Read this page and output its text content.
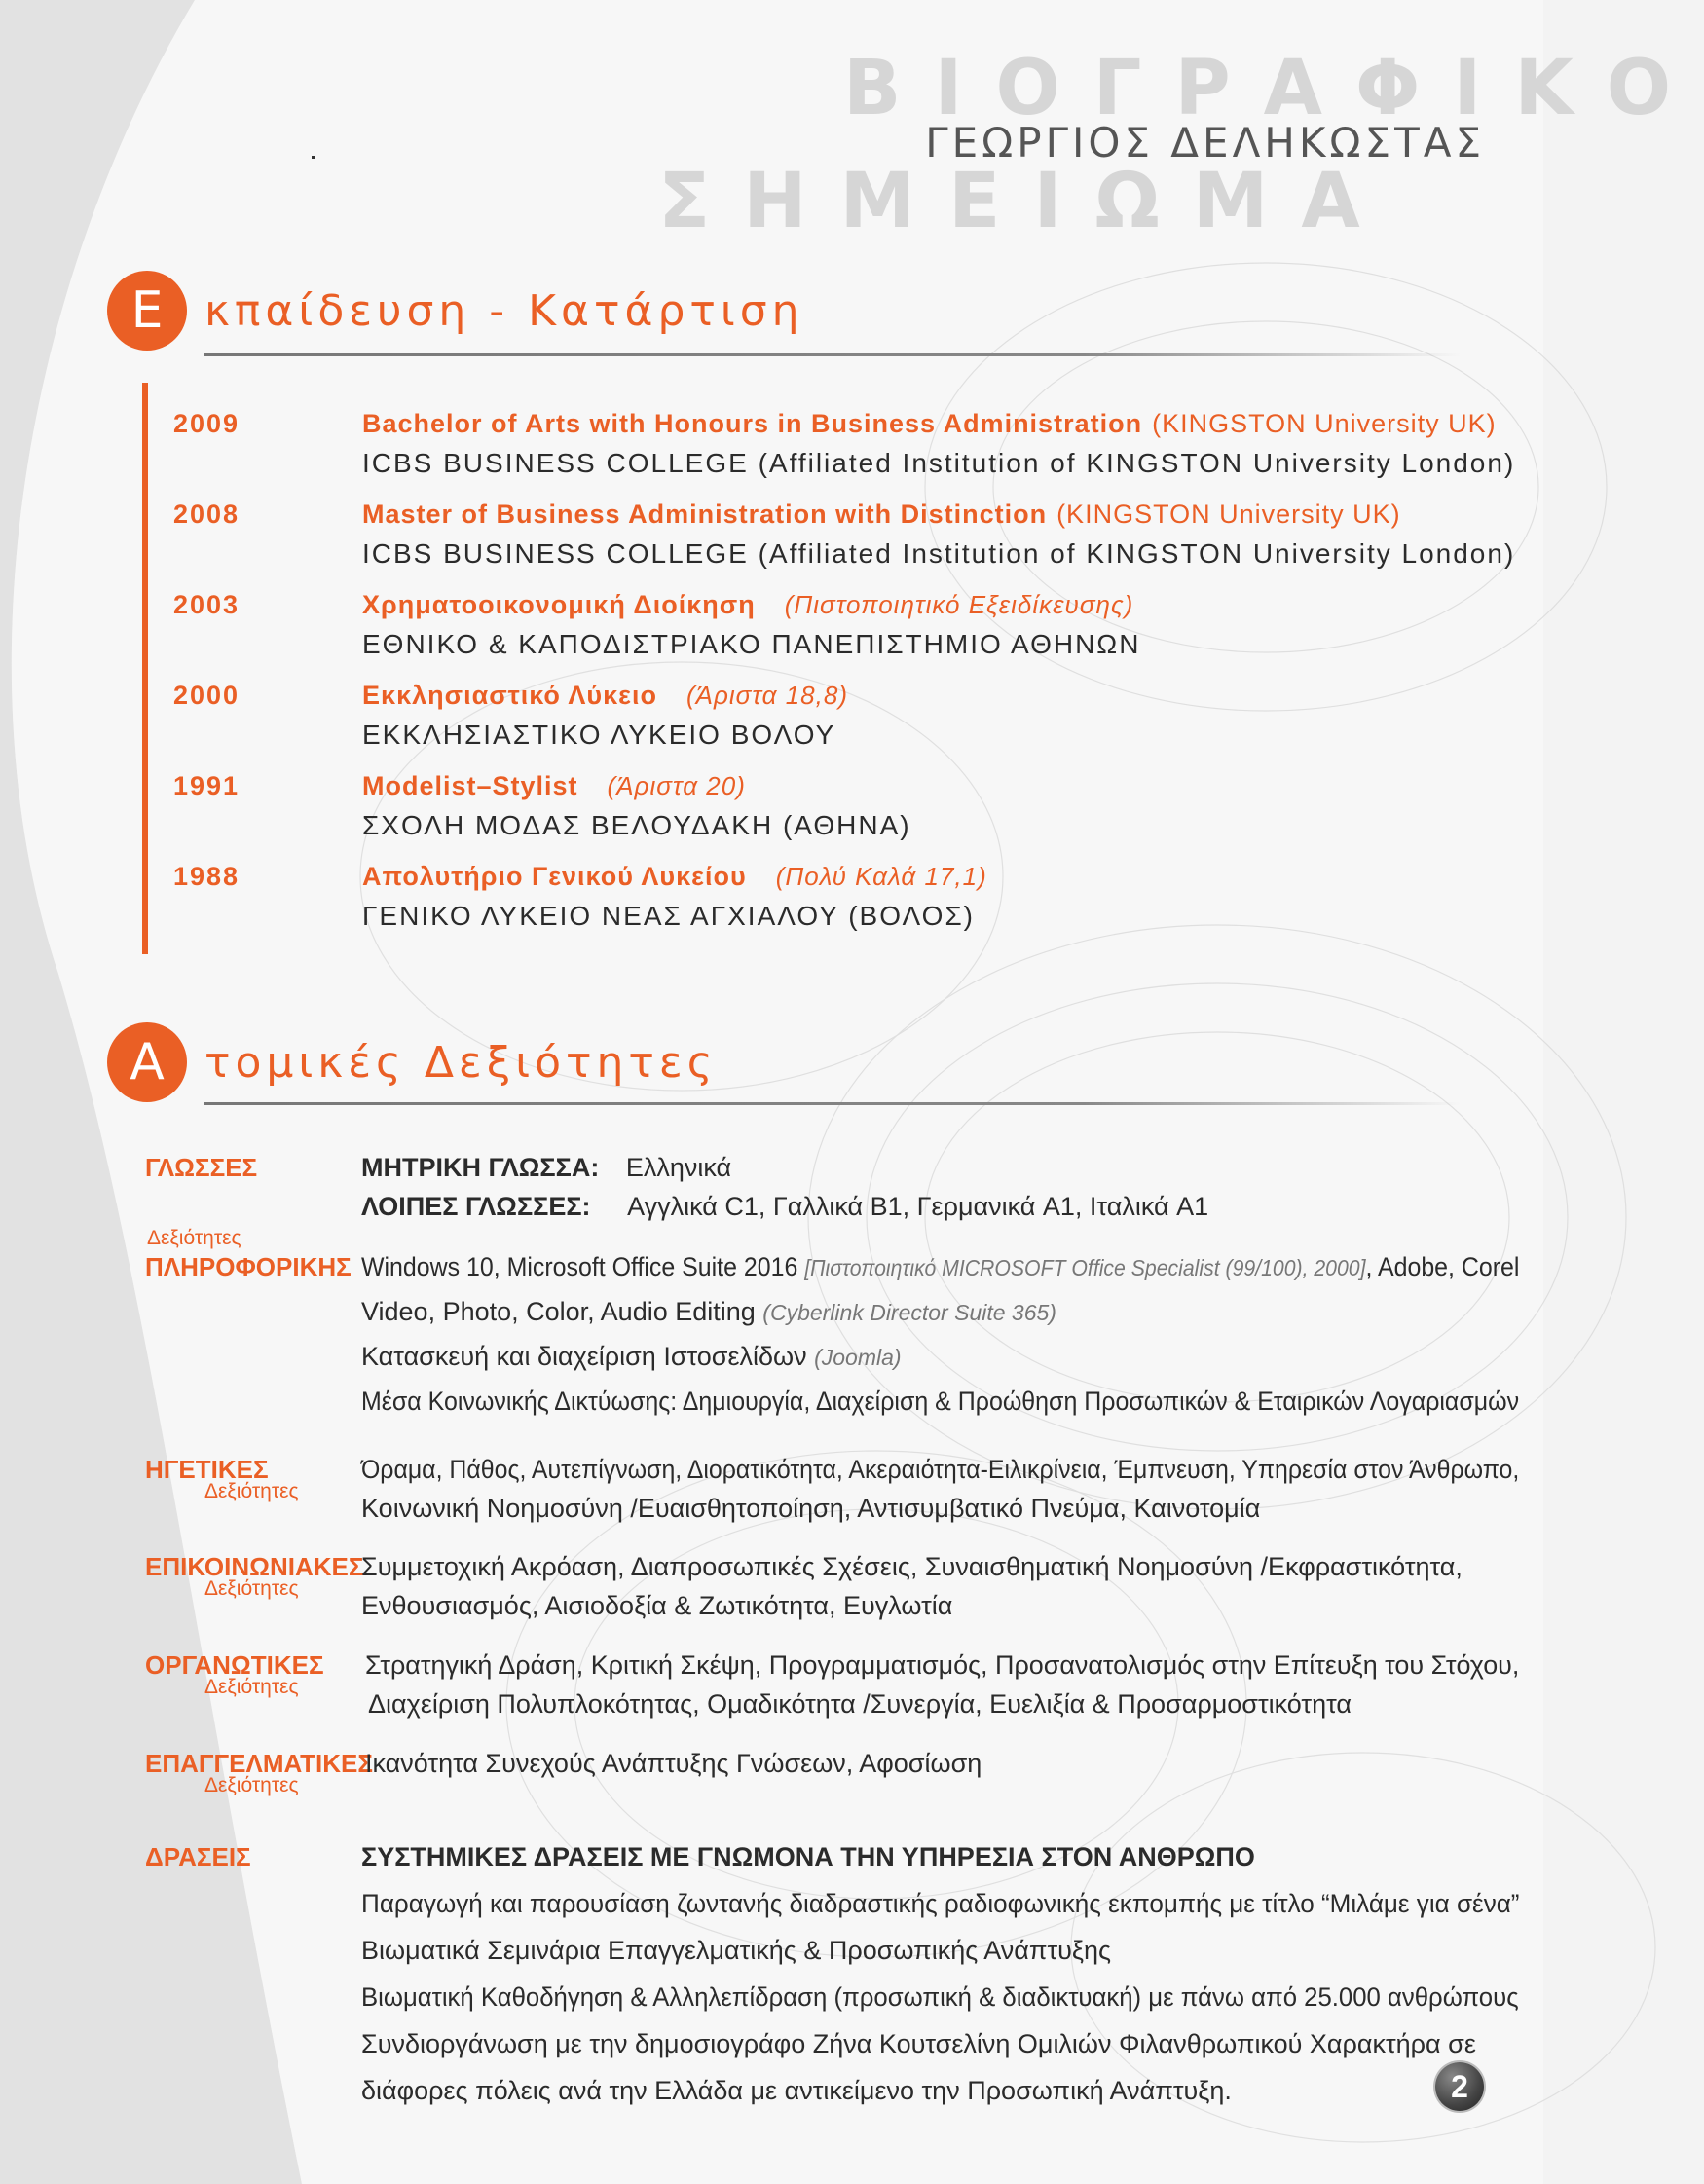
ΒΙΟΓΡΑΦΙΚΟ
ΣΗΜΕΙΩΜΑ
ΓΕΩΡΓΙΟΣ ΔΕΛΗΚΩΣΤΑΣ
Ε κπαίδευση - Κατάρτιση
2009	Bachelor of Arts with Honours in Business Administration (KINGSTON University UK)
ICBS BUSINESS COLLEGE (Affiliated Institution of KINGSTON University London)
2008	Master of Business Administration with Distinction (KINGSTON University UK)
ICBS BUSINESS COLLEGE (Affiliated Institution of KINGSTON University London)
2003	Χρηματοοικονομική Διοίκηση (Πιστοποιητικό Εξειδίκευσης)
ΕΘΝΙΚΟ & ΚΑΠΟΔΙΣΤΡΙΑΚΟ ΠΑΝΕΠΙΣΤΗΜΙΟ ΑΘΗΝΩΝ
2000	Εκκλησιαστικό Λύκειο (Άριστα 18,8)
ΕΚΚΛΗΣΙΑΣΤΙΚΟ ΛΥΚΕΙΟ ΒΟΛΟΥ
1991	Modelist–Stylist (Άριστα 20)
ΣΧΟΛΗ ΜΟΔΑΣ ΒΕΛΟΥΔΑΚΗ (ΑΘΗΝΑ)
1988	Απολυτήριο Γενικού Λυκείου (Πολύ Καλά 17,1)
ΓΕΝΙΚΟ ΛΥΚΕΙΟ ΝΕΑΣ ΑΓΧΙΑΛΟΥ (ΒΟΛΟΣ)
Α τομικές Δεξιότητες
ΓΛΩΣΣΕΣ	ΜΗΤΡΙΚΗ ΓΛΩΣΣΑ: Ελληνικά
ΛΟΙΠΕΣ ΓΛΩΣΣΕΣ: Αγγλικά C1, Γαλλικά B1, Γερμανικά A1, Ιταλικά A1
Δεξιότητες
ΠΛΗΡΟΦΟΡΙΚΗΣ Windows 10, Microsoft Office Suite 2016 [Πιστοποιητικό MICROSOFT Office Specialist (99/100), 2000], Adobe, Corel
Video, Photo, Color, Audio Editing (Cyberlink Director Suite 365)
Κατασκευή και διαχείριση Ιστοσελίδων (Joomla)
Μέσα Κοινωνικής Δικτύωσης: Δημιουργία, Διαχείριση & Προώθηση Προσωπικών & Εταιρικών Λογαριασμών
ΗΓΕΤΙΚΕΣ
Δεξιότητες
Όραμα, Πάθος, Αυτεπίγνωση, Διορατικότητα, Ακεραιότητα-Ειλικρίνεια, Έμπνευση, Υπηρεσία στον Άνθρωπο,
Κοινωνική Νοημοσύνη /Ευαισθητοποίηση, Αντισυμβατικό Πνεύμα, Καινοτομία
ΕΠΙΚΟΙΝΩΝΙΑΚΕΣ
Δεξιότητες
Συμμετοχική Ακρόαση, Διαπροσωπικές Σχέσεις, Συναισθηματική Νοημοσύνη /Εκφραστικότητα,
Ενθουσιασμός, Αισιοδοξία & Ζωτικότητα, Ευγλωτία
ΟΡΓΑΝΩΤΙΚΕΣ
Δεξιότητες
Στρατηγική Δράση, Κριτική Σκέψη, Προγραμματισμός, Προσανατολισμός στην Επίτευξη του Στόχου,
Διαχείριση Πολυπλοκότητας, Ομαδικότητα /Συνεργία, Ευελιξία & Προσαρμοστικότητα
ΕΠΑΓΓΕΛΜΑΤΙΚΕΣ
Δεξιότητες
Ικανότητα Συνεχούς Ανάπτυξης Γνώσεων, Αφοσίωση
ΔΡΑΣΕΙΣ	ΣΥΣΤΗΜΙΚΕΣ ΔΡΑΣΕΙΣ ΜΕ ΓΝΩΜΟΝΑ ΤΗΝ ΥΠΗΡΕΣΙΑ ΣΤΟΝ ΑΝΘΡΩΠΟ
Παραγωγή και παρουσίαση ζωντανής διαδραστικής ραδιοφωνικής εκπομπής με τίτλο “Μιλάμε για σένα”
Βιωματικά Σεμινάρια Επαγγελματικής & Προσωπικής Ανάπτυξης
Βιωματική Καθοδήγηση & Αλληλεπίδραση (προσωπική & διαδικτυακή) με πάνω από 25.000 ανθρώπους
Συνδιοργάνωση με την δημοσιογράφο Ζήνα Κουτσελίνη Ομιλιών Φιλανθρωπικού Χαρακτήρα σε
διάφορες πόλεις ανά την Ελλάδα με αντικείμενο την Προσωπική Ανάπτυξη.	2
